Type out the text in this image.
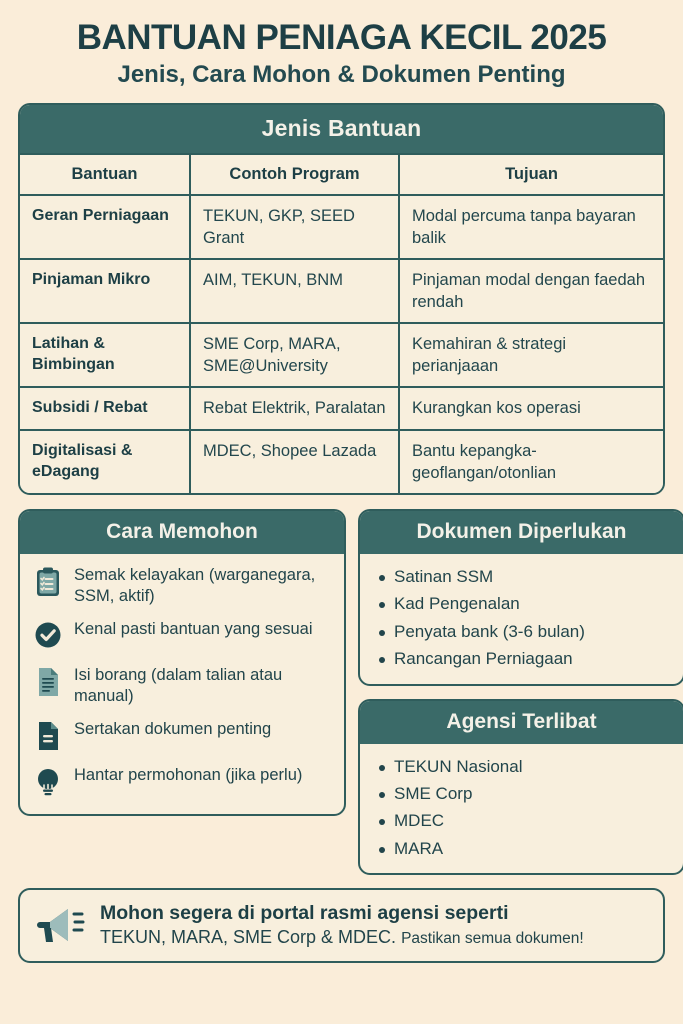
BANTUAN PENIAGA KECIL 2025
Jenis, Cara Mohon & Dokumen Penting
Jenis Bantuan
Bantuan	Contoh Program	Tujuan
Geran Perniagaan	TEKUN, GKP, SEED Grant	Modal percuma tanpa bayaran balik
Pinjaman Mikro	AIM, TEKUN, BNM	Pinjaman modal dengan faedah rendah
Latihan & Bimbingan	SME Corp, MARA, SME@University	Kemahiran & strategi perianjaaan
Subsidi / Rebat	Rebat Elektrik, Paralatan	Kurangkan kos operasi
Digitalisasi & eDagang	MDEC, Shopee Lazada	Bantu kepangka-geoflangan/otonlian
Cara Memohon
Semak kelayakan (warganegara, SSM, aktif)
Kenal pasti bantuan yang sesuai
Isi borang (dalam talian atau manual)
Sertakan dokumen penting
Hantar permohonan (jika perlu)
Dokumen Diperlukan
Satinan SSM
Kad Pengenalan
Penyata bank (3-6 bulan)
Rancangan Perniagaan
Agensi Terlibat
TEKUN Nasional
SME Corp
MDEC
MARA
Mohon segera di portal rasmi agensi seperti TEKUN, MARA, SME Corp & MDEC. Pastikan semua dokumen!
